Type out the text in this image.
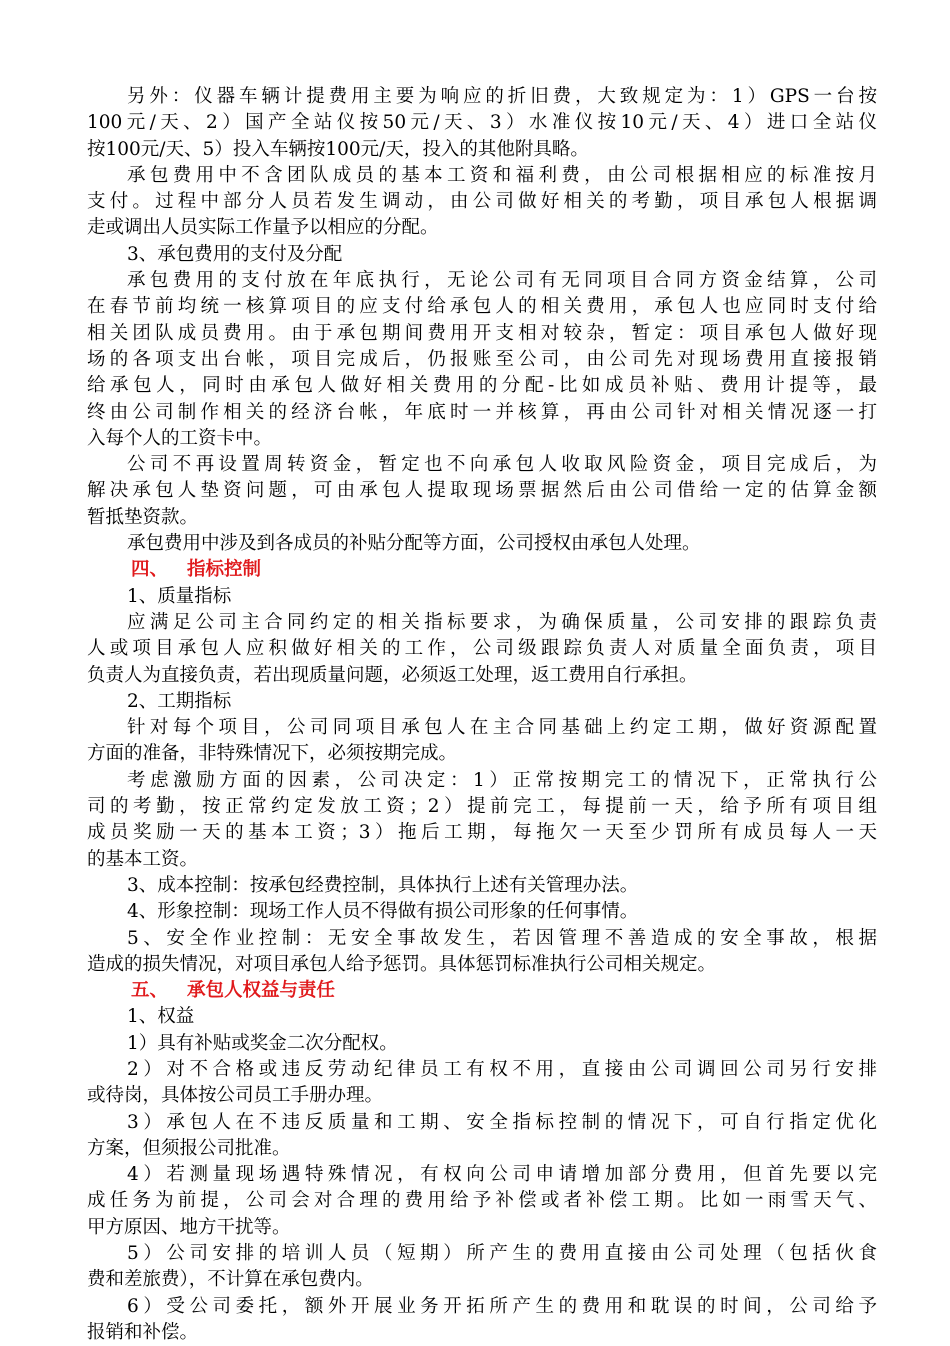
另外：仪器车辆计提费用主要为响应的折旧费，大致规定为：1）GPS一台按
100元/天、2）国产全站仪按50元/天、3）水准仪按10元/天、4）进口全站仪
按100元/天、5）投入车辆按100元/天，投入的其他附具略。
承包费用中不含团队成员的基本工资和福利费，由公司根据相应的标准按月
支付。过程中部分人员若发生调动，由公司做好相关的考勤，项目承包人根据调
走或调出人员实际工作量予以相应的分配。
3、承包费用的支付及分配
承包费用的支付放在年底执行，无论公司有无同项目合同方资金结算，公司
在春节前均统一核算项目的应支付给承包人的相关费用，承包人也应同时支付给
相关团队成员费用。由于承包期间费用开支相对较杂，暂定：项目承包人做好现
场的各项支出台帐，项目完成后，仍报账至公司，由公司先对现场费用直接报销
给承包人，同时由承包人做好相关费用的分配-比如成员补贴、费用计提等，最
终由公司制作相关的经济台帐，年底时一并核算，再由公司针对相关情况逐一打
入每个人的工资卡中。
公司不再设置周转资金，暂定也不向承包人收取风险资金，项目完成后，为
解决承包人垫资问题，可由承包人提取现场票据然后由公司借给一定的估算金额
暂抵垫资款。
承包费用中涉及到各成员的补贴分配等方面，公司授权由承包人处理。
四、 指标控制
1、质量指标
应满足公司主合同约定的相关指标要求，为确保质量，公司安排的跟踪负责
人或项目承包人应积做好相关的工作，公司级跟踪负责人对质量全面负责，项目
负责人为直接负责，若出现质量问题，必须返工处理，返工费用自行承担。
2、工期指标
针对每个项目，公司同项目承包人在主合同基础上约定工期，做好资源配置
方面的准备，非特殊情况下，必须按期完成。
考虑激励方面的因素，公司决定：1）正常按期完工的情况下，正常执行公
司的考勤，按正常约定发放工资；2）提前完工，每提前一天，给予所有项目组
成员奖励一天的基本工资；3）拖后工期，每拖欠一天至少罚所有成员每人一天
的基本工资。
3、成本控制：按承包经费控制，具体执行上述有关管理办法。
4、形象控制：现场工作人员不得做有损公司形象的任何事情。
5、安全作业控制：无安全事故发生，若因管理不善造成的安全事故，根据
造成的损失情况，对项目承包人给予惩罚。具体惩罚标准执行公司相关规定。
五、 承包人权益与责任
1、权益
1）具有补贴或奖金二次分配权。
2）对不合格或违反劳动纪律员工有权不用，直接由公司调回公司另行安排
或待岗，具体按公司员工手册办理。
3）承包人在不违反质量和工期、安全指标控制的情况下，可自行指定优化
方案，但须报公司批准。
4）若测量现场遇特殊情况，有权向公司申请增加部分费用，但首先要以完
成任务为前提，公司会对合理的费用给予补偿或者补偿工期。比如一雨雪天气、
甲方原因、地方干扰等。
5）公司安排的培训人员（短期）所产生的费用直接由公司处理（包括伙食
费和差旅费），不计算在承包费内。
6）受公司委托，额外开展业务开拓所产生的费用和耽误的时间，公司给予
报销和补偿。
